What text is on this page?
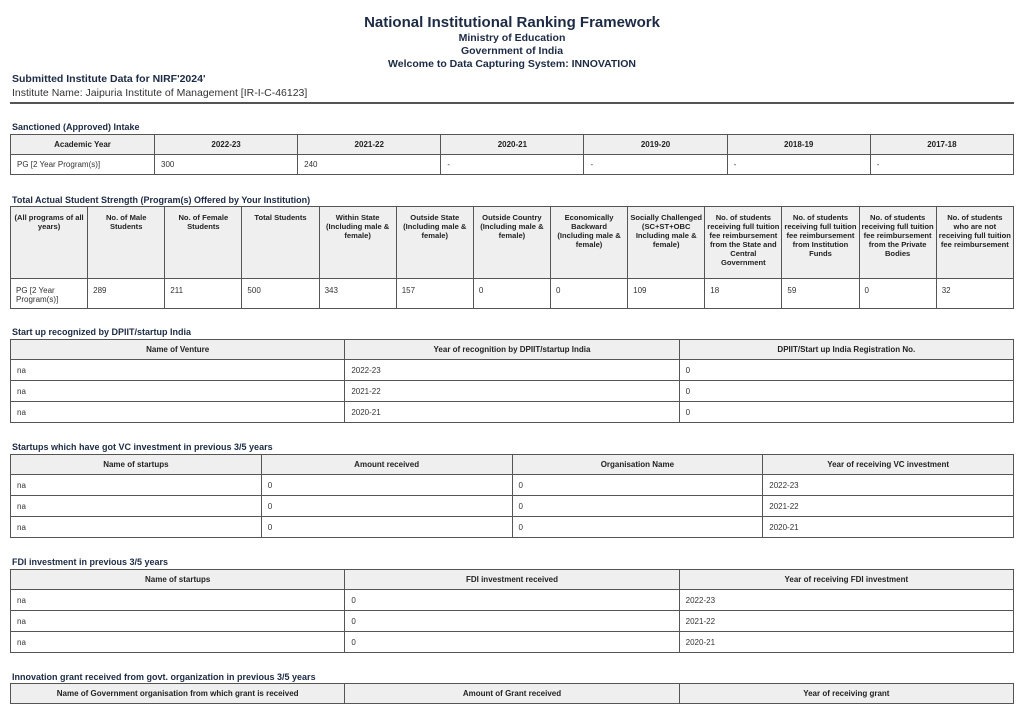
National Institutional Ranking Framework
Ministry of Education
Government of India
Welcome to Data Capturing System: INNOVATION
Submitted Institute Data for NIRF'2024'
Institute Name: Jaipuria Institute of Management [IR-I-C-46123]
Sanctioned (Approved) Intake
Academic Year	2022-23	2021-22	2020-21	2019-20	2018-19	2017-18
PG [2 Year Program(s)]	300	240	-	-	-	-
Total Actual Student Strength (Program(s) Offered by Your Institution)
(All programs of all years)	No. of Male Students	No. of Female Students	Total Students	Within State (Including male & female)	Outside State (Including male & female)	Outside Country (Including male & female)	Economically Backward (Including male & female)	Socially Challenged (SC+ST+OBC Including male & female)	No. of students receiving full tuition fee reimbursement from the State and Central Government	No. of students receiving full tuition fee reimbursement from Institution Funds	No. of students receiving full tuition fee reimbursement from the Private Bodies	No. of students who are not receiving full tuition fee reimbursement
PG [2 Year Program(s)]	289	211	500	343	157	0	0	109	18	59	0	32
Start up recognized by DPIIT/startup India
Name of Venture	Year of recognition by DPIIT/startup India	DPIIT/Start up India Registration No.
na	2022-23	0
na	2021-22	0
na	2020-21	0
Startups which have got VC investment in previous 3/5 years
Name of startups	Amount received	Organisation Name	Year of receiving VC investment
na	0	0	2022-23
na	0	0	2021-22
na	0	0	2020-21
FDI investment in previous 3/5 years
Name of startups	FDI investment received	Year of receiving FDI investment
na	0	2022-23
na	0	2021-22
na	0	2020-21
Innovation grant received from govt. organization in previous 3/5 years
Name of Government organisation from which grant is received	Amount of Grant received	Year of receiving grant
